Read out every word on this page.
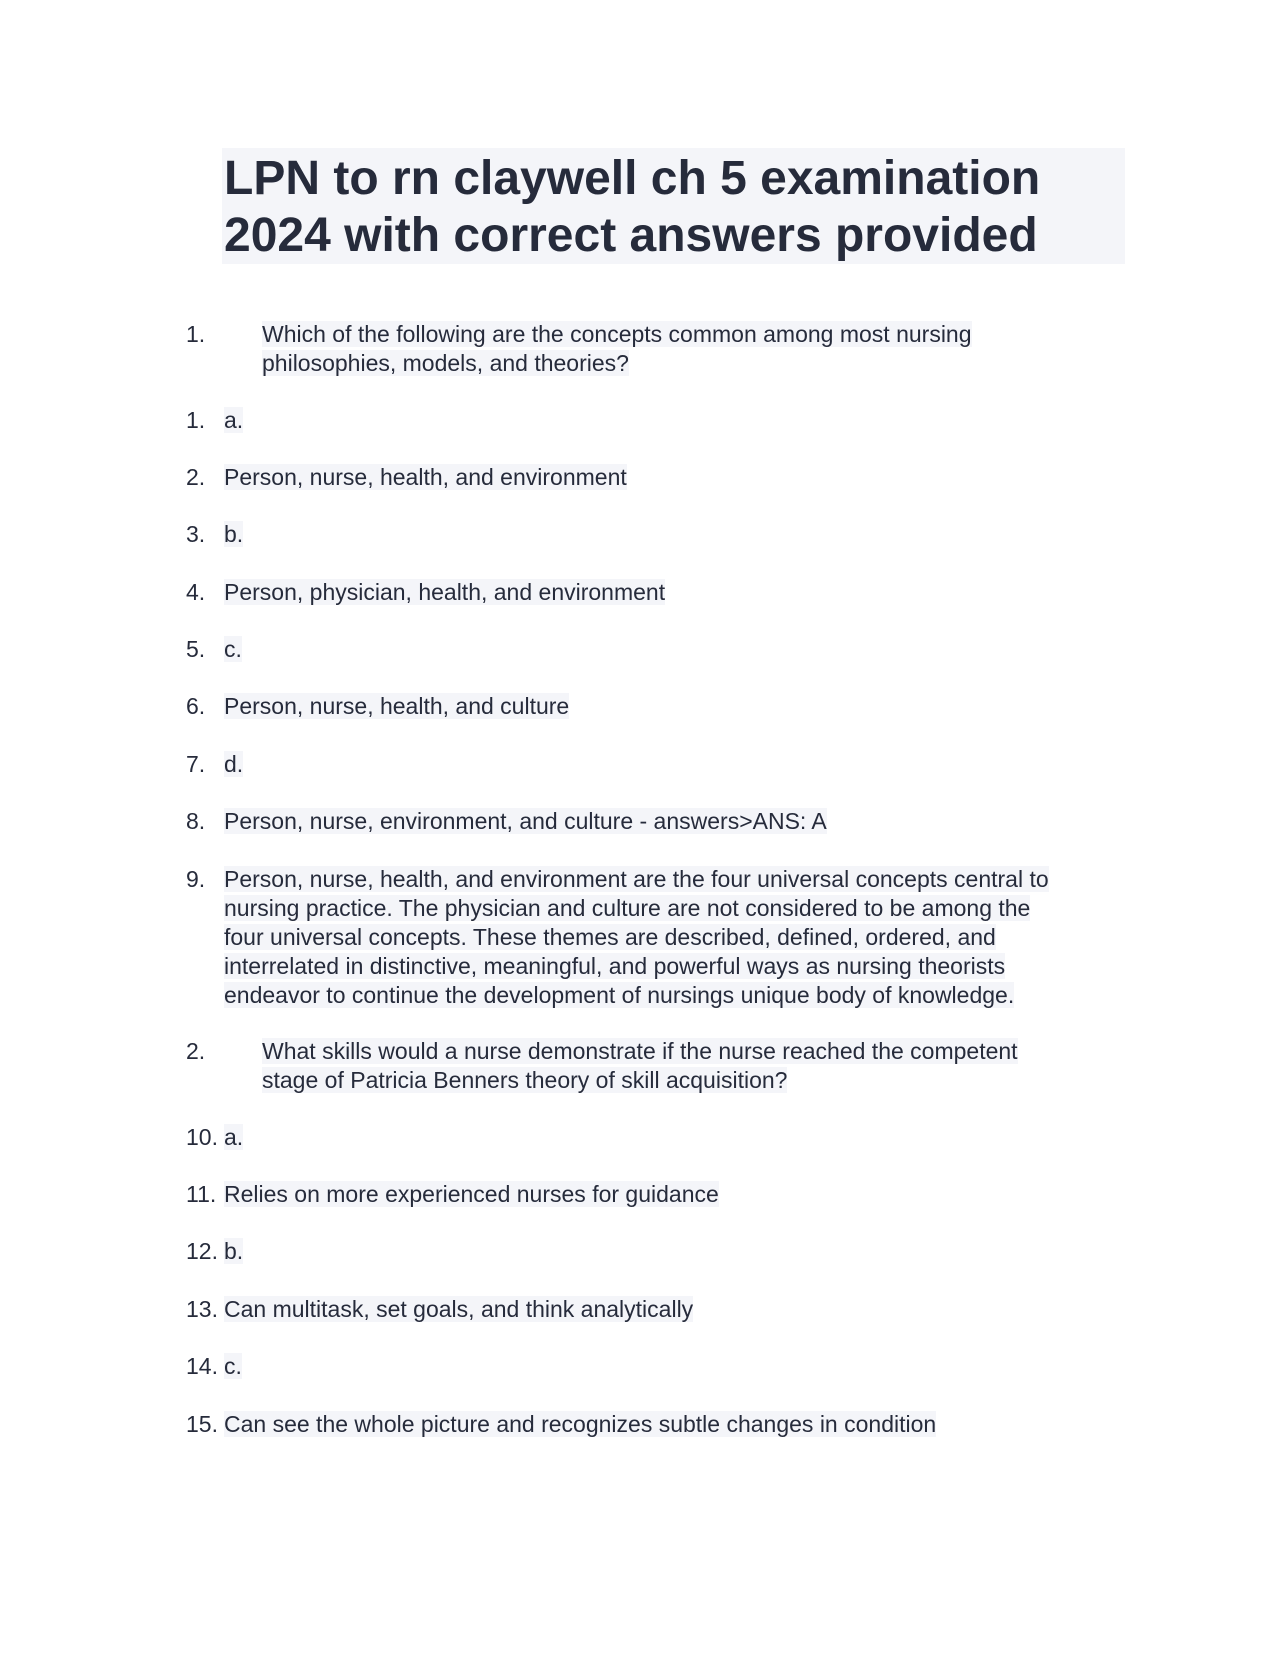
LPN to rn claywell ch 5 examination
2024 with correct answers provided
1. Which of the following are the concepts common among most nursing
philosophies, models, and theories?
1. a.
2. Person, nurse, health, and environment
3. b.
4. Person, physician, health, and environment
5. c.
6. Person, nurse, health, and culture
7. d.
8. Person, nurse, environment, and culture - answers>ANS: A
9. Person, nurse, health, and environment are the four universal concepts central to
nursing practice. The physician and culture are not considered to be among the
four universal concepts. These themes are described, defined, ordered, and
interrelated in distinctive, meaningful, and powerful ways as nursing theorists
endeavor to continue the development of nursings unique body of knowledge.
2. What skills would a nurse demonstrate if the nurse reached the competent
stage of Patricia Benners theory of skill acquisition?
10. a.
11. Relies on more experienced nurses for guidance
12. b.
13. Can multitask, set goals, and think analytically
14. c.
15. Can see the whole picture and recognizes subtle changes in condition
